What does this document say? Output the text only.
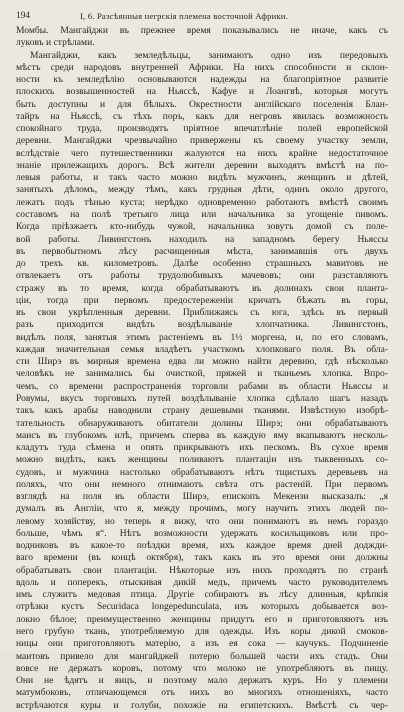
194	I, 6. Разсѣянныя негрскія племена восточной Африки.
Момбы. Мангайджи въ прежнее время показывались не иначе, какъ съ
луковъ и стрѣлами.
Мангайджи, какъ земледѣльцы, занимаютъ одно изъ передовыхъ
мѣстъ среди народовъ внутренней Африки. На нихъ способности и склон-
ности къ земледѣлію основываются надежды на благопріятное развитіе
плоскихъ возвышенностей на Ньяссѣ, Кафуе и Лоангвѣ, которыя могутъ
быть доступны и для бѣлыхъ. Окрестности англійскаго поселенія Блан-
тайръ на Ньяссѣ, съ тѣхъ поръ, какъ для негровъ явилась возможность
спокойнаго труда, производятъ пріятное впечатлѣніе полей европейской
деревни. Мангайджи чрезвычайно привержены къ своему участку земли,
вслѣдствіе чего путешественники жалуются на нихъ крайне недостаточное
знаніе прилежащихъ дорогъ. Всѣ жители деревни выходятъ вмѣстѣ на по-
левыя работы, и такъ часто можно видѣть мужчинъ, женщинъ и дѣтей,
занятыхъ дѣломъ, между тѣмъ, какъ грудныя дѣти, одинъ около другого,
лежатъ подъ тѣнью куста; нерѣдко одновременно работаютъ вмѣстѣ своимъ
составомъ на полѣ третьяго лица или начальника за угощеніе пивомъ.
Когда пріѣзжаетъ кто-нибудь чужой, начальника зовутъ домой съ поле-
вой работы. Ливингстонъ находилъ на западномъ берегу Ньяссы
въ первобытномъ лѣсу расчищенныя мѣста, занимавшія отъ двухъ
до трехъ кв. километровъ. Далѣе особенно страшныхъ мавитовъ не
отвлекаетъ отъ работы трудолюбивыхъ мачевовъ; они разставляютъ
стражу въ то время, когда обрабатываютъ въ долинахъ свои планта-
ціи, тогда при первомъ предостереженіи кричатъ бѣжать въ горы,
въ свои укрѣпленныя деревни. Приближаясь съ юга, здѣсь въ первый
разъ приходится видѣть воздѣлываніе хлопчатника. Ливингстонъ,
видѣлъ поля, занятыя этимъ растеніемъ въ 1½ моргена, и, по его словамъ,
каждая значительная семья владѣетъ участкомъ хлопковаго поля. Въ обла-
сти Ширэ въ мирныя времена едва ли можно найти деревню, гдѣ нѣсколько
человѣкъ не занимались бы очисткой, пряжей и тканьемъ хлопка. Впро-
чемъ, со времени распространенія торговли рабами въ области Ньяссы и
Ровумы, вкусъ торговыхъ путей воздѣлываніе хлопка сдѣлало шагъ назадъ
такъ какъ арабы наводнили страну дешевыми тканями. Извѣстную изобрѣ-
тательность обнаруживаютъ обитатели долины Ширэ; они обрабатываютъ
маисъ въ глубокомъ илѣ, причемъ сперва въ каждую яму вкапываютъ несколь-
кладутъ туда сѣмена и опять прикрываютъ ихъ пескомъ. Въ сухое время
можно видѣть, какъ женщины поливаютъ плантаціи изъ тыквенныхъ со-
судовъ, и мужчина настолько обрабатываютъ нѣтъ тщистыхъ деревьевъ на
поляхъ, что они немного отнимаютъ свѣта отъ растеній. При первомъ
взглядѣ на поля въ области Ширэ, епископъ Мекензи высказалъ: „я
думалъ въ Англіи, что я, между прочимъ, могу научить этихъ людей по-
левому хозяйству, но теперь я вижу, что они понимаютъ въ немъ гораздо
больше, чѣмъ я“. Нѣтъ возможности удержать косильщиковъ или про-
водниковъ въ какое-то поѣздки время, ихъ каждое время дней доджди-
ваго времени (въ концѣ октября), такъ какъ въ это время они должны
обрабатывать свои плантаціи. Нѣкоторые изъ нихъ проходятъ по странѣ
вдоль и поперекъ, отыскивая дикій медъ, причемъ часто руководителемъ
имъ служитъ медовая птица. Другіе собираютъ въ лѣсу длинныя, крѣпкія
отрѣзки кустъ Securidaca longepedunculata, изъ которыхъ добывается воз-
локно бѣлое; преимущественно женщины придутъ его и приготовляютъ изъ
него грубую ткань, употребляемую для одежды. Изъ коры дикой смоков-
ницы они приготовляютъ матерію, а изъ ея сока — каучукъ. Подчиненіе
маитовъ привело для мангайджей потерю большей части ихъ стадъ. Они
вовсе не держатъ коровъ, потому что молоко не употребляютъ въ пищу.
Они не ѣдятъ и яицъ, и поэтому мало держатъ куръ. Но у племени
матумбоковъ, отличающемся отъ нихъ во многихъ отношеніяхъ, часто
встрѣчаются куры и голуби, похожіе на египетскихъ. Вмѣстѣ съ чер-
